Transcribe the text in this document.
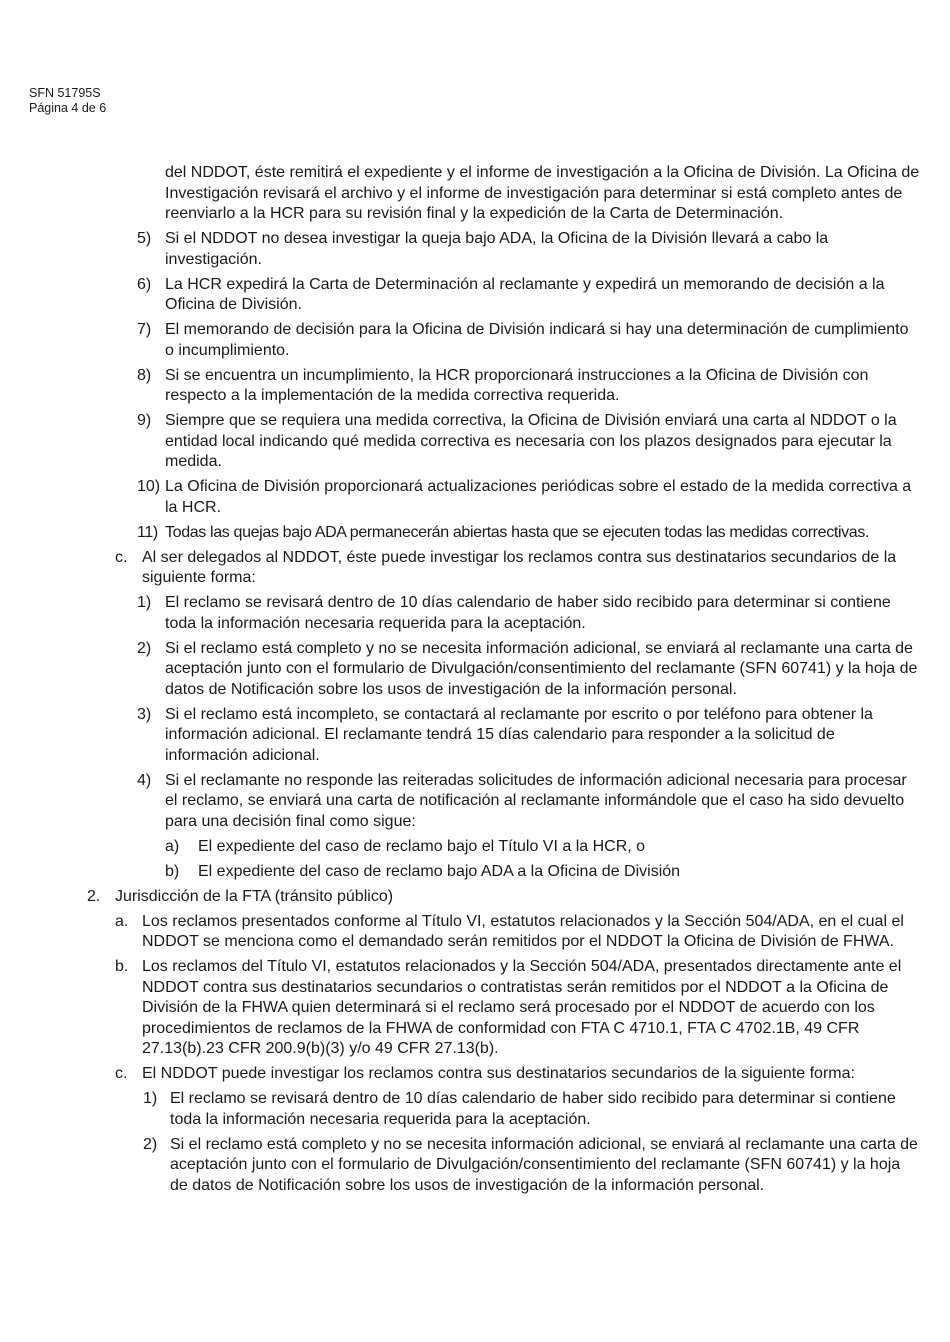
SFN 51795S
Página 4 de 6
del NDDOT, éste remitirá el expediente y el informe de investigación a la Oficina de División. La Oficina de Investigación revisará el archivo y el informe de investigación para determinar si está completo antes de reenviarlo a la HCR para su revisión final y la expedición de la Carta de Determinación.
5) Si el NDDOT no desea investigar la queja bajo ADA, la Oficina de la División llevará a cabo la investigación.
6) La HCR expedirá la Carta de Determinación al reclamante y expedirá un memorando de decisión a la Oficina de División.
7) El memorando de decisión para la Oficina de División indicará si hay una determinación de cumplimiento o incumplimiento.
8) Si se encuentra un incumplimiento, la HCR proporcionará instrucciones a la Oficina de División con respecto a la implementación de la medida correctiva requerida.
9) Siempre que se requiera una medida correctiva, la Oficina de División enviará una carta al NDDOT o la entidad local indicando qué medida correctiva es necesaria con los plazos designados para ejecutar la medida.
10) La Oficina de División proporcionará actualizaciones periódicas sobre el estado de la medida correctiva a la HCR.
11) Todas las quejas bajo ADA permanecerán abiertas hasta que se ejecuten todas las medidas correctivas.
c. Al ser delegados al NDDOT, éste puede investigar los reclamos contra sus destinatarios secundarios de la siguiente forma:
1) El reclamo se revisará dentro de 10 días calendario de haber sido recibido para determinar si contiene toda la información necesaria requerida para la aceptación.
2) Si el reclamo está completo y no se necesita información adicional, se enviará al reclamante una carta de aceptación junto con el formulario de Divulgación/consentimiento del reclamante (SFN 60741) y la hoja de datos de Notificación sobre los usos de investigación de la información personal.
3) Si el reclamo está incompleto, se contactará al reclamante por escrito o por teléfono para obtener la información adicional. El reclamante tendrá 15 días calendario para responder a la solicitud de información adicional.
4) Si el reclamante no responde las reiteradas solicitudes de información adicional necesaria para procesar el reclamo, se enviará una carta de notificación al reclamante informándole que el caso ha sido devuelto para una decisión final como sigue:
a) El expediente del caso de reclamo bajo el Título VI a la HCR, o
b) El expediente del caso de reclamo bajo ADA a la Oficina de División
2. Jurisdicción de la FTA (tránsito público)
a. Los reclamos presentados conforme al Título VI, estatutos relacionados y la Sección 504/ADA, en el cual el NDDOT se menciona como el demandado serán remitidos por el NDDOT la Oficina de División de FHWA.
b. Los reclamos del Título VI, estatutos relacionados y la Sección 504/ADA, presentados directamente ante el NDDOT contra sus destinatarios secundarios o contratistas serán remitidos por el NDDOT a la Oficina de División de la FHWA quien determinará si el reclamo será procesado por el NDDOT de acuerdo con los procedimientos de reclamos de la FHWA de conformidad con FTA C 4710.1, FTA C 4702.1B, 49 CFR 27.13(b).23 CFR 200.9(b)(3) y/o 49 CFR 27.13(b).
c. El NDDOT puede investigar los reclamos contra sus destinatarios secundarios de la siguiente forma:
1) El reclamo se revisará dentro de 10 días calendario de haber sido recibido para determinar si contiene toda la información necesaria requerida para la aceptación.
2) Si el reclamo está completo y no se necesita información adicional, se enviará al reclamante una carta de aceptación junto con el formulario de Divulgación/consentimiento del reclamante (SFN 60741) y la hoja de datos de Notificación sobre los usos de investigación de la información personal.
